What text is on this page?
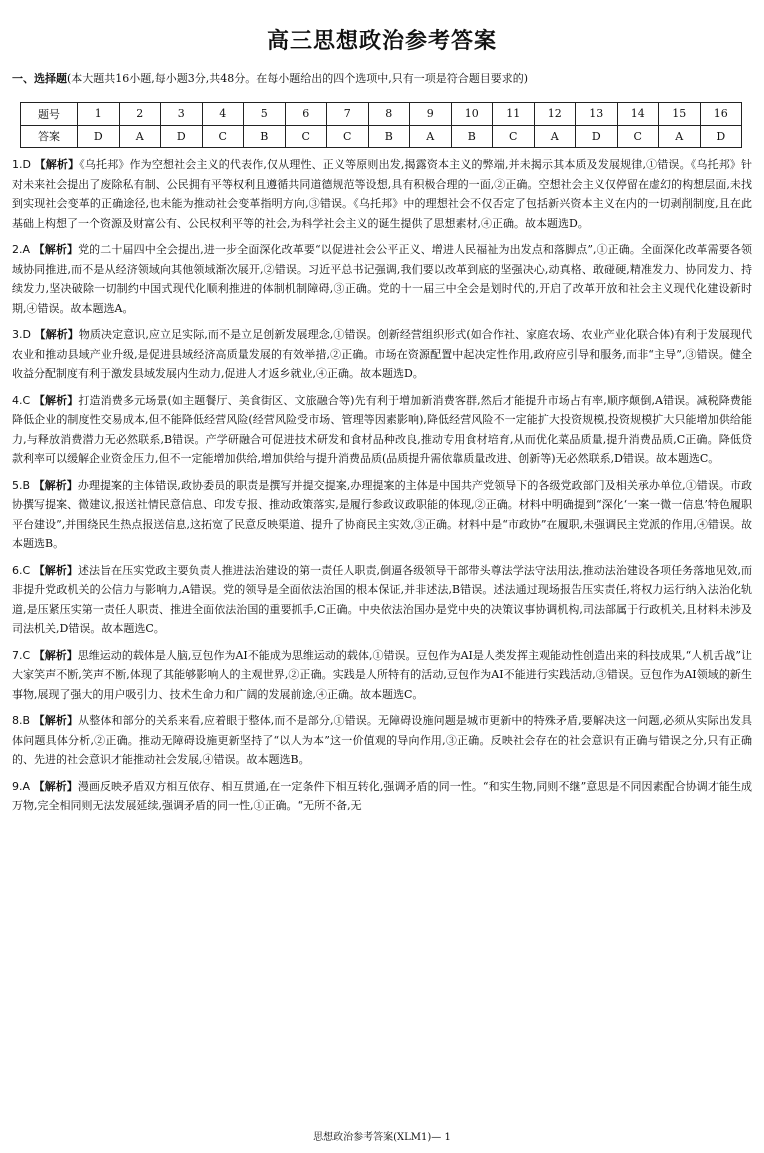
高三思想政治参考答案
一、选择题(本大题共16小题,每小题3分,共48分。在每小题给出的四个选项中,只有一项是符合题目要求的)
题号	1	2	3	4	5	6	7	8	9	10	11	12	13	14	15	16
答案	D	A	D	C	B	C	C	B	A	B	C	A	D	C	A	D

1.D 【解析】《乌托邦》作为空想社会主义的代表作,仅从理性、正义等原则出发,揭露资本主义的弊端,并未揭示其本质及发展规律,①错误。《乌托邦》针对未来社会提出了废除私有制、公民拥有平等权利且遵循共同道德规范等设想,具有积极合理的一面,②正确。空想社会主义仅停留在虚幻的构想层面,未找到实现社会变革的正确途径,也未能为推动社会变革指明方向,③错误。《乌托邦》中的理想社会不仅否定了包括新兴资本主义在内的一切剥削制度,且在此基础上构想了一个资源及财富公有、公民权利平等的社会,为科学社会主义的诞生提供了思想素材,④正确。故本题选D。

2.A 【解析】党的二十届四中全会提出,进一步全面深化改革要“以促进社会公平正义、增进人民福祉为出发点和落脚点”,①正确。全面深化改革需要各领域协同推进,而不是从经济领域向其他领域渐次展开,②错误。习近平总书记强调,我们要以改革到底的坚强决心,动真格、敢碰硬,精准发力、协同发力、持续发力,坚决破除一切制约中国式现代化顺利推进的体制机制障碍,③正确。党的十一届三中全会是划时代的,开启了改革开放和社会主义现代化建设新时期,④错误。故本题选A。

3.D 【解析】物质决定意识,应立足实际,而不是立足创新发展理念,①错误。创新经营组织形式(如合作社、家庭农场、农业产业化联合体)有利于发展现代农业和推动县域产业升级,是促进县域经济高质量发展的有效举措,②正确。市场在资源配置中起决定性作用,政府应引导和服务,而非“主导”,③错误。健全收益分配制度有利于激发县域发展内生动力,促进人才返乡就业,④正确。故本题选D。

4.C 【解析】打造消费多元场景(如主题餐厅、美食街区、文旅融合等)先有利于增加新消费客群,然后才能提升市场占有率,顺序颠倒,A错误。减税降费能降低企业的制度性交易成本,但不能降低经营风险(经营风险受市场、管理等因素影响),降低经营风险不一定能扩大投资规模,投资规模扩大只能增加供给能力,与释放消费潜力无必然联系,B错误。产学研融合可促进技术研发和食材品种改良,推动专用食材培育,从而优化菜品质量,提升消费品质,C正确。降低贷款利率可以缓解企业资金压力,但不一定能增加供给,增加供给与提升消费品质(品质提升需依靠质量改进、创新等)无必然联系,D错误。故本题选C。

5.B 【解析】办理提案的主体错误,政协委员的职责是撰写并提交提案,办理提案的主体是中国共产党领导下的各级党政部门及相关承办单位,①错误。市政协撰写提案、微建议,报送社情民意信息、印发专报、推动政策落实,是履行参政议政职能的体现,②正确。材料中明确提到“深化‘一案一微一信息’特色履职平台建设”,并围绕民生热点报送信息,这拓宽了民意反映渠道、提升了协商民主实效,③正确。材料中是“市政协”在履职,未强调民主党派的作用,④错误。故本题选B。

6.C 【解析】述法旨在压实党政主要负责人推进法治建设的第一责任人职责,倒逼各级领导干部带头尊法学法守法用法,推动法治建设各项任务落地见效,而非提升党政机关的公信力与影响力,A错误。党的领导是全面依法治国的根本保证,并非述法,B错误。述法通过现场报告压实责任,将权力运行纳入法治化轨道,是压紧压实第一责任人职责、推进全面依法治国的重要抓手,C正确。中央依法治国办是党中央的决策议事协调机构,司法部属于行政机关,且材料未涉及司法机关,D错误。故本题选C。

7.C 【解析】思维运动的载体是人脑,豆包作为AI不能成为思维运动的载体,①错误。豆包作为AI是人类发挥主观能动性创造出来的科技成果,“人机舌战”让大家笑声不断,笑声不断,体现了其能够影响人的主观世界,②正确。实践是人所特有的活动,豆包作为AI不能进行实践活动,③错误。豆包作为AI领域的新生事物,展现了强大的用户吸引力、技术生命力和广阔的发展前途,④正确。故本题选C。

8.B 【解析】从整体和部分的关系来看,应着眼于整体,而不是部分,①错误。无障碍设施问题是城市更新中的特殊矛盾,要解决这一问题,必须从实际出发具体问题具体分析,②正确。推动无障碍设施更新坚持了“以人为本”这一价值观的导向作用,③正确。反映社会存在的社会意识有正确与错误之分,只有正确的、先进的社会意识才能推动社会发展,④错误。故本题选B。

9.A 【解析】漫画反映矛盾双方相互依存、相互贯通,在一定条件下相互转化,强调矛盾的同一性。“和实生物,同则不继”意思是不同因素配合协调才能生成万物,完全相同则无法发展延续,强调矛盾的同一性,①正确。“无所不备,无

思想政治参考答案(XLM1)— 1
